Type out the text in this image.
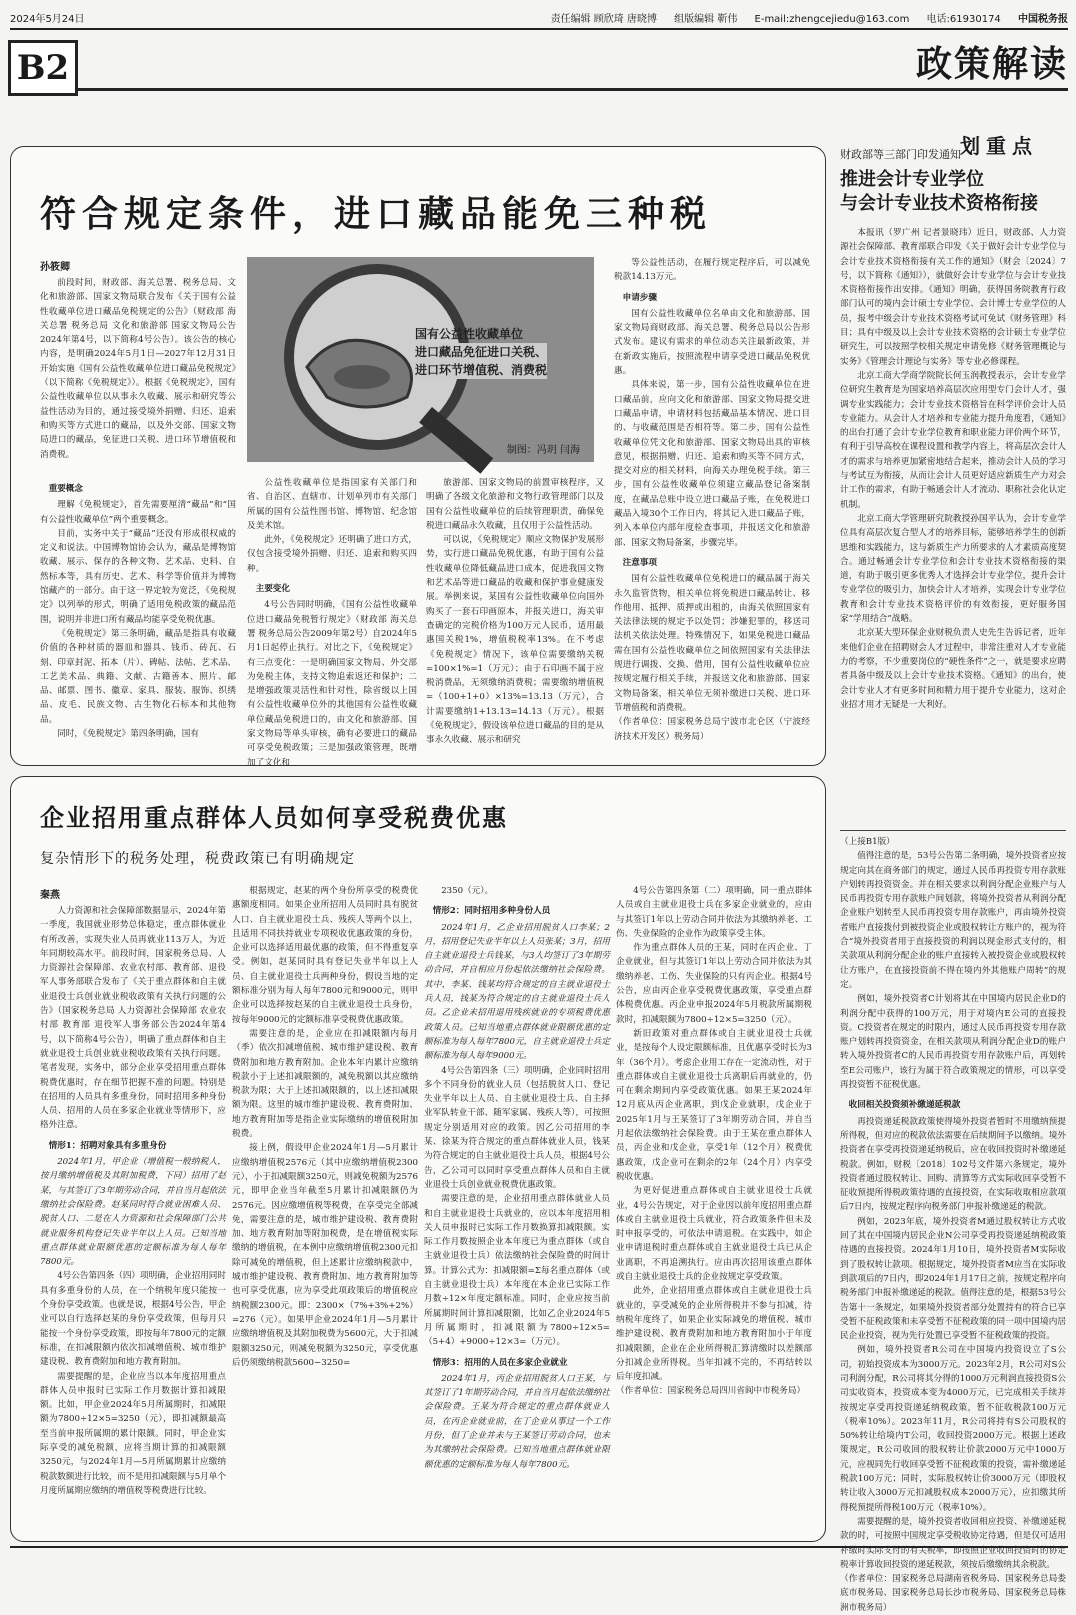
2024年5月24日	责任编辑 顾欣琦 唐晓博 组版编辑 靳伟 E-mail:zhengcejiedu@163.com 电话:61930174 中国税务报
B2	政策解读
划重点
符合规定条件，进口藏品能免三种税
孙筱卿
国有公益性收藏单位
进口藏品免征进口关税、
进口环节增值税、消费税
制图：冯玥 闫海

前段时间，财政部、海关总署、税务总局、文化和旅游部、国家文物局联合发布《关于国有公益性收藏单位进口藏品免税规定的公告》（财政部 海关总署 税务总局 文化和旅游部 国家文物局公告2024年第4号，以下简称4号公告）。该公告的核心内容，是明确2024年5月1日—2027年12月31日开始实施《国有公益性收藏单位进口藏品免税规定》（以下简称《免税规定》）。根据《免税规定》，国有公益性收藏单位以从事永久收藏、展示和研究等公益性活动为目的，通过接受境外捐赠、归还、追索和购买等方式进口的藏品，以及外交部、国家文物局进口的藏品，免征进口关税、进口环节增值税和消费税。

重要概念

理解《免税规定》，首先需要厘清“藏品”和“国有公益性收藏单位”两个重要概念。

目前，实务中关于“藏品”还没有形成很权威的定义和说法。中国博物馆协会认为，藏品是博物馆收藏、展示、保存的各种文物、艺术品、史料、自然标本等，具有历史、艺术、科学等价值并为博物馆藏产的一部分。由于这一界定较为宽泛，《免税规定》以列举的形式，明确了适用免税政策的藏品范围，说明并非进口所有藏品均能享受免税优惠。

《免税规定》第三条明确，藏品是指具有收藏价值的各种材质的器皿和器具、钱币、砖瓦、石刻、印章封泥、拓本（片）、碑帖、法帖、艺术品、工艺美术品、典籍、文献、古籍善本、照片、邮品、邮票、图书、徽章、家具、服装、服饰、织绣品、皮毛、民族文物、古生物化石标本和其他物品。

同时，《免税规定》第四条明确，国有

公益性收藏单位是指国家有关部门和省、自治区、直辖市、计划单列市有关部门所属的国有公益性图书馆、博物馆、纪念馆及美术馆。

此外，《免税规定》还明确了进口方式，仅包含接受境外捐赠、归还、追索和购买四种。

主要变化

4号公告同时明确，《国有公益性收藏单位进口藏品免税暂行规定》（财政部 海关总署 税务总局公告2009年第2号）自2024年5月1日起停止执行。对比之下，《免税规定》有三点变化：一是明确国家文物局、外交部为免税主体，支持文物追索返还和保护；二是增强政策灵活性和针对性，除省级以上国有公益性收藏单位外的其他国有公益性收藏单位藏品免税进口的，由文化和旅游部、国家文物局等单头审核，确有必要进口的藏品可享受免税政策；三是加强政策管理，既增加了文化和

旅游部、国家文物局的前置审核程序，又明确了各级文化旅游和文物行政管理部门以及国有公益性收藏单位的后续管理职责，确保免税进口藏品永久收藏，且仅用于公益性活动。

可以说，《免税规定》顺应文物保护发展形势，实行进口藏品免税优惠，有助于国有公益性收藏单位降低藏品进口成本，促进我国文物和艺术品等进口藏品的收藏和保护事业健康发展。举例来说，某国有公益性收藏单位向国外购买了一套石印画原本，并报关进口，海关审查确定的完税价格为100万元人民币，适用最惠国关税1%，增值税税率13%。在不考虑《免税规定》情况下，该单位需要缴纳关税=100×1%=1（万元）；由于石印画不属于应税消费品，无须缴纳消费税；需要缴纳增值税=（100+1+0）×13%=13.13（万元），合计需要缴纳1+13.13=14.13（万元）。根据《免税规定》，假设该单位进口藏品的目的是从事永久收藏、展示和研究

等公益性活动，在履行规定程序后，可以减免税款14.13万元。

申请步骤

国有公益性收藏单位名单由文化和旅游部、国家文物局商财政部、海关总署、税务总局以公告形式发布。建议有需求的单位动态关注最新政策，并在新政实施后，按照流程申请享受进口藏品免税优惠。

具体来说，第一步，国有公益性收藏单位在进口藏品前，应向文化和旅游部、国家文物局提交进口藏品申请，申请材料包括藏品基本情况、进口目的、与收藏范围是否相符等。第二步，国有公益性收藏单位凭文化和旅游部、国家文物局出具的审核意见，根据捐赠、归还、追索和购买等不同方式，提交对应的相关材料，向海关办理免税手续。第三步，国有公益性收藏单位须建立藏品登记备案制度，在藏品总账中设立进口藏品子账，在免税进口藏品入境30个工作日内，将其记入进口藏品子账，列入本单位内部年度检查事项，并报送文化和旅游部、国家文物局备案，步骤完毕。

注意事项

国有公益性收藏单位免税进口的藏品属于海关永久监管货物，相关单位将免税进口藏品转让、移作他用、抵押、质押或出租的，由海关依照国家有关法律法规的规定予以处罚；涉嫌犯罪的，移送司法机关依法处理。特殊情况下，如果免税进口藏品需在国有公益性收藏单位之间依照国家有关法律法规进行调拨、交换、借用，国有公益性收藏单位应按规定履行相关手续，并报送文化和旅游部、国家文物局备案，相关单位无须补缴进口关税、进口环节增值税和消费税。

（作者单位：国家税务总局宁波市北仑区（宁波经济技术开发区）税务局）

企业招用重点群体人员如何享受税费优惠
复杂情形下的税务处理，税费政策已有明确规定
秦燕

人力资源和社会保障部数据显示，2024年第一季度，我国就业形势总体稳定，重点群体就业有所改善，实现失业人员再就业113万人，为近年同期较高水平。前段时间，国家税务总局、人力资源社会保障部、农业农村部、教育部、退役军人事务部联合发布了《关于重点群体和自主就业退役士兵创业就业税收政策有关执行问题的公告》（国家税务总局 人力资源社会保障部 农业农村部 教育部 退役军人事务部公告2024年第4号，以下简称4号公告），明确了重点群体和自主就业退役士兵创业就业税收政策有关执行问题。笔者发现，实务中，部分企业享受招用重点群体税费优惠时，存在细节把握不准的问题。特别是在招用的人员具有多重身份，同时招用多种身份人员、招用的人员在多家企业就业等情形下，应格外注意。

情形1：招聘对象具有多重身份

2024年1月，甲企业（增值税一般纳税人，按月缴纳增值税及其附加税费，下同）招用了赵某，与其签订了3年期劳动合同，并自当月起依法缴纳社会保险费。赵某同时符合就业困难人员、脱贫人口、二是在人力资源和社会保障部门公共就业服务机构登记失业半年以上人员。已知当地重点群体就业限额优惠的定额标准为每人每年7800元。

4号公告第四条（四）项明确，企业招用同时具有多重身份的人员，在一个纳税年度只能按一个身份享受政策。也就是说，根据4号公告，甲企业可以自行选择赵某的身份享受政策，但每月只能按一个身份享受政策，即按每年7800元的定额标准，在扣减限额内依次扣减增值税、城市维护建设税、教育费附加和地方教育附加。

需要提醒的是，企业应当以本年度招用重点群体人员申报时已实际工作月数据计算扣减限额。比如，甲企业2024年5月所属期时，扣减限额为7800÷12×5=3250（元），即扣减额最高至当前申报所属期的累计限额。同时，甲企业实际享受的减免税额，应将当期计算的扣减限额3250元，与2024年1月—5月所属期累计应缴纳税款数额进行比较，而不是用扣减限额与5月单个月度所属期应缴纳的增值税等税费进行比较。

根据规定，赵某的两个身份所享受的税费优惠额度相同。如果企业所招用人员同时具有脱贫人口、自主就业退役士兵、残疾人等两个以上，且适用不同扶持就业专项税收优惠政策的身份，企业可以选择适用最优惠的政策，但不得重复享受。例如，赵某同时具有登记失业半年以上人员、自主就业退役士兵两种身份，假设当地的定额标准分别为每人每年7800元和9000元，则甲企业可以选择按赵某的自主就业退役士兵身份，按每年9000元的定额标准享受税费优惠政策。

需要注意的是，企业应在扣减限额内每月（季）依次扣减增值税、城市维护建设税、教育费附加和地方教育附加。企业本年内累计应缴纳税款小于上述扣减限额的，减免税额以其应缴纳税款为限；大于上述扣减限额的，以上述扣减限额为限。这里的城市维护建设税、教育费附加、地方教育附加等是指企业实际缴纳的增值税附加税费。

接上例，假设甲企业2024年1月—5月累计应缴纳增值税2576元（其中应缴纳增值税2300元），小于扣减限额3250元，则减免税额为2576元，即甲企业当年截至5月累计扣减限额仍为2576元。因应缴增值税等税费，在享受完全部减免，需要注意的是，城市维护建设税、教育费附加、地方教育附加等附加税费，是在增值税实际缴纳的增值税，在本例中应缴纳增值税2300元扣除可减免的增值税，但上述累计应缴纳税款中，城市维护建设税、教育费附加、地方教育附加等也可享受优惠，应为享受此项政策后的增值税应纳税额2300元。即：2300×（7%+3%+2%）=276（元）。如果甲企业2024年1月—5月累计应缴纳增值税及其附加税费为5600元，大于扣减限额3250元，则减免税额为3250元，享受优惠后仍须缴纳税款5600−3250=

2350（元）。

情形2：同时招用多种身份人员

2024年1月，乙企业招用脱贫人口李某；2月，招用登记失业半年以上人员张某；3月，招用自主就业退役士兵钱某，与3人均签订了3年期劳动合同，并自相应月份起依法缴纳社会保险费。其中，李某、钱某均符合规定的自主就业退役士兵人员，钱某为符合规定的自主就业退役士兵人员。乙企业未招用退用残疾就业的专项税费优惠政策人员。已知当地重点群体就业限额优惠的定额标准为每人每年7800元，自主就业退役士兵定额标准为每人每年9000元。

4号公告第四条（三）项明确，企业同时招用多个不同身份的就业人员（包括脱贫人口、登记失业半年以上人员、自主就业退役士兵、自主择业军队转业干部、随军家属、残疾人等），可按照规定分别适用对应的政策。因乙公司招用的李某、徐某为符合规定的重点群体就业人员，钱某为符合规定的自主就业退役士兵人员，根据4号公告，乙公司可以同时享受重点群体人员和自主就业退役士兵创业就业税费优惠政策。

需要注意的是，企业招用重点群体就业人员和自主就业退役士兵就业的，应以本年度招用相关人员申报时已实际工作月数换算扣减限额。实际工作月数按照企业本年度已为重点群体（或自主就业退役士兵）依法缴纳社会保险费的时间计算。计算公式为：扣减限额=Σ每名重点群体（或自主就业退役士兵）本年度在本企业已实际工作月数÷12×年度定额标准。同时，企业应按当前所属期时间计算扣减限额，比如乙企业2024年5月所属期时，扣减限额为7800÷12×5=（5+4）+9000÷12×3=（万元）。

情形3：招用的人员在多家企业就业

2024年1月，丙企业招用脱贫人口王某，与其签订了1年期劳动合同，并自当月起依法缴纳社会保险费。王某为符合规定的重点群体就业人员，在丙企业就业前，在丁企业从事过一个工作月份，但丁企业并未与王某签订劳动合同，也未为其缴纳社会保险费。已知当地重点群体就业限额优惠的定额标准为每人每年7800元。

4号公告第四条第（二）项明确，同一重点群体人员或自主就业退役士兵在多家企业就业的，应由与其签订1年以上劳动合同并依法为其缴纳养老、工伤、失业保险的企业作为政策享受主体。

作为重点群体人员的王某，同时在丙企业、丁企业就业，但与其签订1年以上劳动合同并依法为其缴纳养老、工伤、失业保险的只有丙企业。根据4号公告，应由丙企业享受税费优惠政策，享受重点群体税费优惠。丙企业申报2024年5月税款所属期税款时，扣减限额为7800÷12×5=3250（元）。

新旧政策对重点群体或自主就业退役士兵就业，是按每个人设定限额标准，且优惠享受时长为3年（36个月）。考虑企业用工存在一定流动性，对于重点群体或自主就业退役士兵离职后再就业的，仍可在剩余期间内享受政策优惠。如果王某2024年12月底从丙企业离职，到戊企业就职，戊企业于2025年1月与王某签订了3年期劳动合同，并自当月起依法缴纳社会保险费。由于王某在重点群体人员，丙企业和戊企业，享受1年（12个月）税费优惠政策，戊企业可在剩余的2年（24个月）内享受税收优惠。

为更好促进重点群体或自主就业退役士兵就业，4号公告规定，对于企业因以前年度招用重点群体或自主就业退役士兵就业，符合政策条件但未及时申报享受的，可依法申请退税。在实践中，如企业申请退税时重点群体或自主就业退役士兵已从企业离职，不再追溯执行。应由再次招用该重点群体或自主就业退役士兵的企业按规定享受政策。

此外，企业招用重点群体或自主就业退役士兵就业的，享受减免的企业所得税并不参与扣减，待纳税年度终了，如果企业实际减免的增值税、城市维护建设税、教育费附加和地方教育附加小于年度扣减限额，企业在企业所得税汇算清缴时以差额部分扣减企业所得税。当年扣减不完的，不再结转以后年度扣减。

（作者单位：国家税务总局四川省阆中市税务局）

财政部等三部门印发通知
推进会计专业学位
与会计专业技术资格衔接

本报讯（罗广州 记者景晓玮）近日，财政部、人力资源社会保障部、教育部联合印发《关于做好会计专业学位与会计专业技术资格衔接有关工作的通知》（财会〔2024〕7号，以下简称《通知》），就做好会计专业学位与会计专业技术资格衔接作出安排。《通知》明确，获得国务院教育行政部门认可的境内会计硕士专业学位、会计博士专业学位的人员，报考中级会计专业技术资格考试可免试《财务管理》科目；具有中级及以上会计专业技术资格的会计硕士专业学位研究生，可以按照学校相关规定申请免修《财务管理概论与实务》《管理会计理论与实务》等专业必修课程。

北京工商大学商学院院长何玉润教授表示，会计专业学位研究生教育是为国家培养高层次应用型专门会计人才，强调专业实践能力；会计专业技术资格旨在科学评价会计人员专业能力。从会计人才培养和专业能力提升角度看，《通知》的出台打通了会计专业学位教育和职业能力评价两个环节，有利于引导高校在课程设置和教学内容上，将高层次会计人才的需求与培养更加紧密地结合起来，推动会计人员的学习与考试互为衔接，从而让会计人员更好适应新质生产力对会计工作的需求，有助于畅通会计人才流动、职称社会化认定机制。

北京工商大学管理研究院教授孙国平认为，会计专业学位具有高层次复合型人才的培养目标，能够培养学生的创新思维和实践能力，这与新质生产力所要求的人才素质高度契合。通过畅通会计专业学位和会计专业技术资格衔接的渠道，有助于吸引更多优秀人才选择会计专业学位，提升会计专业学位的吸引力，加快会计人才培养，实现会计专业学位教育和会计专业技术资格评价的有效衔接，更好服务国家“学用结合”战略。

北京某大型环保企业财税负责人史先生告诉记者，近年来他们企业在招聘财会人才过程中，非常注重对人才专业能力的考察，不少重要岗位的“硬性条件”之一，就是要求应聘者具备中级及以上会计专业技术资格。《通知》的出台，使会计专业人才有更多时间和精力用于提升专业能力，这对企业招才用才无疑是一大利好。

（上接B1版）

值得注意的是，53号公告第二条明确，境外投资者应按规定向其在商务部门的规定，通过人民币再投资专用存款账户划转再投资资金。并在相关要求以利润分配企业账户与人民币再投资专用存款账户间划款，将境外投资者从利润分配企业账户划转至人民币再投资专用存款账户，再由境外投资者账户直接拨付到被投资企业或股权转让方账户的，视为符合“境外投资者用于直接投资的利润以现金形式支付的，相关款项从利润分配企业的账户直接转入被投资企业或股权转让方账户，在直接投资前不得在境内外其他账户周转”的规定。

例如，境外投资者C计划将其在中国境内居民企业D的利润分配中获得的100万元，用于对境内E公司的直接投资。C投资者在规定的时限内，通过人民币再投资专用存款账户划转再投资资金，在相关款项从利润分配企业D的账户转入境外投资者C的人民币再投资专用存款账户后，再划转至E公司账户，该行为属于符合政策规定的情形，可以享受再投资暂不征税优惠。

收回相关投资须补缴递延税款

再投资递延税款政策使得境外投资者暂时不用缴纳预提所得税，但对应的税款依法需要在后续期间予以缴纳。境外投资者在享受再投资递延纳税后，应在收回投资时补缴递延税款。例如，财税〔2018〕102号文件第六条规定，境外投资者通过股权转让、回购、清算等方式实际收回享受暂不征收预提所得税政策待遇的直接投资，在实际收取相应款项后7日内，按规定程序向税务部门申报补缴递延的税款。

例如，2023年底，境外投资者M通过股权转让方式收回了其在中国境内居民企业N公司享受再投资递延纳税政策待遇的直接投资。2024年1月10日，境外投资者M实际收到了股权转让款项。根据规定，境外投资者M应当在实际收到款项后的7日内，即2024年1月17日之前，按规定程序向税务部门申报补缴递延的税款。值得注意的是，根据53号公告第十一条规定，如果境外投资者部分处置持有的符合已享受暂不征税政策和未享受暂不征税政策的同一项中国境内居民企业投资，视为先行处置已享受暂不征税政策的投资。

例如，境外投资者R公司在中国境内投资设立了S公司，初始投资成本为3000万元。2023年2月，R公司对S公司利润分配，R公司将其分得的1000万元利润直接投资S公司实收资本，投资成本变为4000万元，已完成相关手续并按规定享受再投资递延纳税政策，暂不征收税款100万元（税率10%）。2023年11月，R公司将持有S公司股权的50%转让给境内T公司，收回投资2000万元。根据上述政策规定，R公司收回的股权转让价款2000万元中1000万元，应视同先行收回享受暂不征税政策的投资，需补缴递延税款100万元；同时，实际股权转让价3000万元（即股权转让收入3000万元扣减股权成本2000万元），应扣缴其所得税预提所得税100万元（税率10%）。

需要提醒的是，境外投资者收回相应投资、补缴递延税款的时，可按照中国规定享受税收协定待遇，但是仅可适用补缴时实际支付的有关税率，即按照企业收回投资时的协定税率计算收回投资的递延税款，须按后缴缴纳其余税款。

（作者单位：国家税务总局湖南省税务局、国家税务总局娄底市税务局、国家税务总局长沙市税务局、国家税务总局株洲市税务局）
